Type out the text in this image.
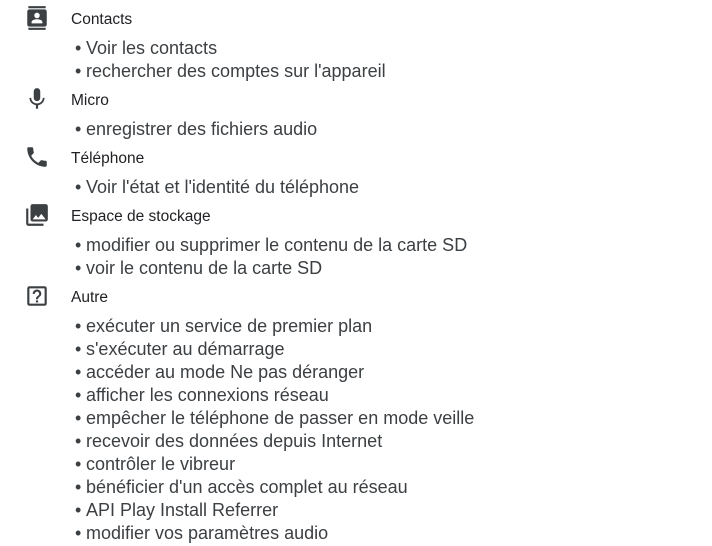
Contacts
• Voir les contacts
• rechercher des comptes sur l'appareil
Micro
• enregistrer des fichiers audio
Téléphone
• Voir l'état et l'identité du téléphone
Espace de stockage
• modifier ou supprimer le contenu de la carte SD
• voir le contenu de la carte SD
Autre
• exécuter un service de premier plan
• s'exécuter au démarrage
• accéder au mode Ne pas déranger
• afficher les connexions réseau
• empêcher le téléphone de passer en mode veille
• recevoir des données depuis Internet
• contrôler le vibreur
• bénéficier d'un accès complet au réseau
• API Play Install Referrer
• modifier vos paramètres audio
